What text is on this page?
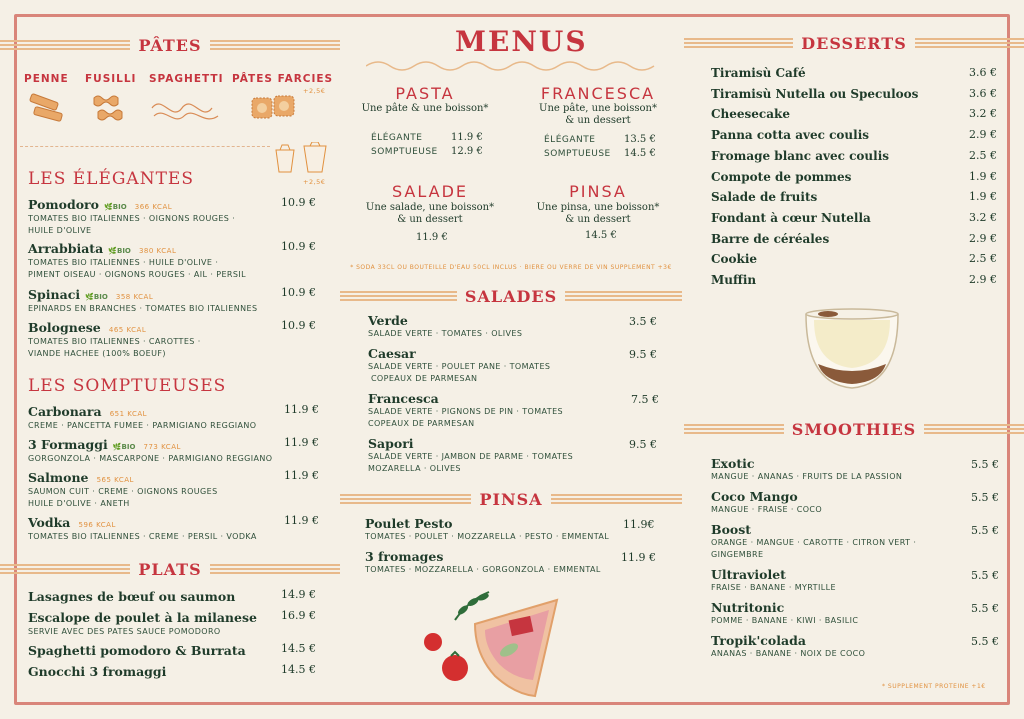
PÂTES
PENNE FUSILLI SPAGHETTI PÂTES FARCIES
+2,5€
+2,5€
LES ÉLÉGANTES
Pomodoro 🌿BIO 366 KCAL
TOMATES BIO ITALIENNES · OIGNONS ROUGES ·
HUILE D'OLIVE
10.9 €
Arrabbiata 🌿BIO 380 KCAL
TOMATES BIO ITALIENNES · HUILE D'OLIVE ·
PIMENT OISEAU · OIGNONS ROUGES · AIL · PERSIL
10.9 €
Spinaci 🌿BIO 358 KCAL
EPINARDS EN BRANCHES · TOMATES BIO ITALIENNES
10.9 €
Bolognese 465 KCAL
TOMATES BIO ITALIENNES · CAROTTES ·
VIANDE HACHEE (100% BOEUF)
10.9 €
LES SOMPTUEUSES
Carbonara 651 KCAL
CREME · PANCETTA FUMEE · PARMIGIANO REGGIANO
11.9 €
3 Formaggi 🌿BIO 773 KCAL
GORGONZOLA · MASCARPONE · PARMIGIANO REGGIANO
11.9 €
Salmone 565 KCAL
SAUMON CUIT · CREME · OIGNONS ROUGES
HUILE D'OLIVE · ANETH
11.9 €
Vodka 596 KCAL
TOMATES BIO ITALIENNES · CREME · PERSIL · VODKA
11.9 €
PLATS
Lasagnes de bœuf ou saumon	14.9 €
Escalope de poulet à la milanese
SERVIE AVEC DES PATES SAUCE POMODORO
16.9 €
Spaghetti pomodoro & Burrata	14.5 €
Gnocchi 3 fromaggi	14.5 €
MENUS
PASTA
Une pâte & une boisson*
ÉLÉGANTE	11.9 €
SOMPTUEUSE 12.9 €
FRANCESCA
Une pâte, une boisson*
& un dessert
ÉLÉGANTE	13.5 €
SOMPTUEUSE 14.5 €
SALADE
Une salade, une boisson*
& un dessert
11.9 €
PINSA
Une pinsa, une boisson*
& un dessert
14.5 €
* SODA 33CL OU BOUTEILLE D'EAU 50CL INCLUS · BIERE OU VERRE DE VIN SUPPLEMENT +3€
SALADES
Verde
SALADE VERTE · TOMATES · OLIVES
3.5 €
Caesar
SALADE VERTE · POULET PANE · TOMATES
COPEAUX DE PARMESAN
9.5 €
Francesca
SALADE VERTE · PIGNONS DE PIN · TOMATES
COPEAUX DE PARMESAN
7.5 €
Sapori
SALADE VERTE · JAMBON DE PARME · TOMATES
MOZARELLA · OLIVES
9.5 €
PINSA
Poulet Pesto
TOMATES · POULET · MOZZARELLA · PESTO · EMMENTAL
11.9€
3 fromages
TOMATES · MOZZARELLA · GORGONZOLA · EMMENTAL
11.9 €
DESSERTS
Tiramisù Café	3.6 €
Tiramisù Nutella ou Speculoos	3.6 €
Cheesecake	3.2 €
Panna cotta avec coulis	2.9 €
Fromage blanc avec coulis	2.5 €
Compote de pommes	1.9 €
Salade de fruits	1.9 €
Fondant à cœur Nutella	3.2 €
Barre de céréales	2.9 €
Cookie	2.5 €
Muffin	2.9 €
SMOOTHIES
Exotic
MANGUE · ANANAS · FRUITS DE LA PASSION
5.5 €
Coco Mango
MANGUE · FRAISE · COCO
5.5 €
Boost
ORANGE · MANGUE · CAROTTE · CITRON VERT ·
GINGEMBRE
5.5 €
Ultraviolet
FRAISE · BANANE · MYRTILLE
5.5 €
Nutritonic
POMME · BANANE · KIWI · BASILIC
5.5 €
Tropik'colada
ANANAS · BANANE · NOIX DE COCO
5.5 €
* SUPPLEMENT PROTEINE +1€
